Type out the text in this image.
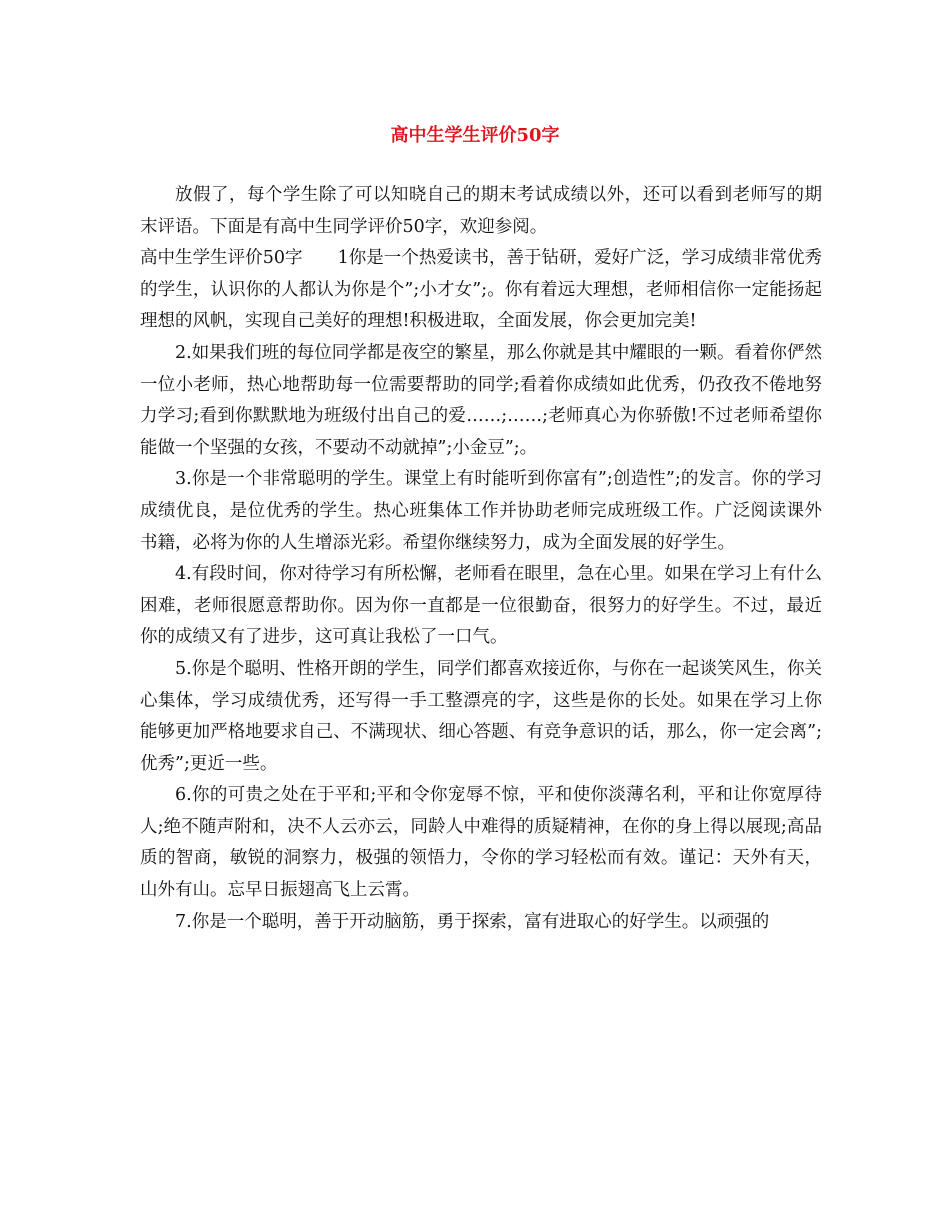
高中生学生评价50字

放假了，每个学生除了可以知晓自己的期末考试成绩以外，还可以看到老师写的期末评语。下面是有高中生同学评价50字，欢迎参阅。

高中生学生评价50字　　1你是一个热爱读书，善于钻研，爱好广泛，学习成绩非常优秀的学生，认识你的人都认为你是个”;小才女”;。你有着远大理想，老师相信你一定能扬起理想的风帆，实现自己美好的理想!积极进取，全面发展，你会更加完美!

2.如果我们班的每位同学都是夜空的繁星，那么你就是其中耀眼的一颗。看着你俨然一位小老师，热心地帮助每一位需要帮助的同学;看着你成绩如此优秀，仍孜孜不倦地努力学习;看到你默默地为班级付出自己的爱……;……;老师真心为你骄傲!不过老师希望你能做一个坚强的女孩，不要动不动就掉”;小金豆”;。

3.你是一个非常聪明的学生。课堂上有时能听到你富有”;创造性”;的发言。你的学习成绩优良，是位优秀的学生。热心班集体工作并协助老师完成班级工作。广泛阅读课外书籍，必将为你的人生增添光彩。希望你继续努力，成为全面发展的好学生。

4.有段时间，你对待学习有所松懈，老师看在眼里，急在心里。如果在学习上有什么困难，老师很愿意帮助你。因为你一直都是一位很勤奋，很努力的好学生。不过，最近你的成绩又有了进步，这可真让我松了一口气。

5.你是个聪明、性格开朗的学生，同学们都喜欢接近你，与你在一起谈笑风生，你关心集体，学习成绩优秀，还写得一手工整漂亮的字，这些是你的长处。如果在学习上你能够更加严格地要求自己、不满现状、细心答题、有竞争意识的话，那么，你一定会离”;优秀”;更近一些。

6.你的可贵之处在于平和;平和令你宠辱不惊，平和使你淡薄名利，平和让你宽厚待人;绝不随声附和，决不人云亦云，同龄人中难得的质疑精神，在你的身上得以展现;高品质的智商，敏锐的洞察力，极强的领悟力，令你的学习轻松而有效。谨记：天外有天，山外有山。忘早日振翅高飞上云霄。

7.你是一个聪明，善于开动脑筋，勇于探索，富有进取心的好学生。以顽强的
